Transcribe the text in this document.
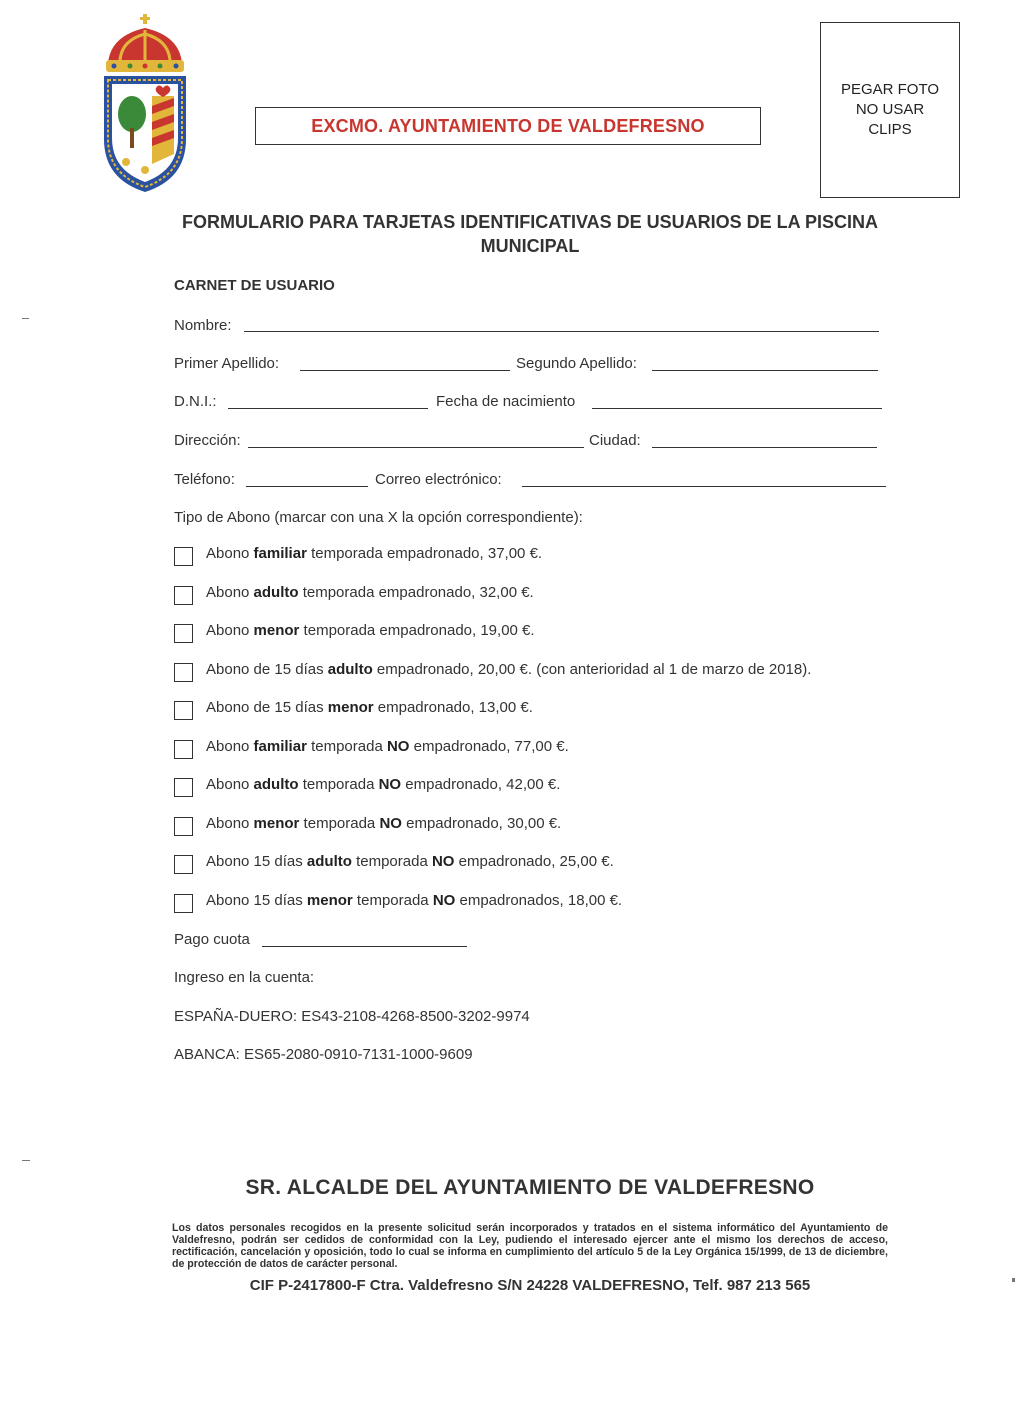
EXCMO. AYUNTAMIENTO DE VALDEFRESNO
PEGAR FOTO
NO USAR
CLIPS
FORMULARIO PARA TARJETAS IDENTIFICATIVAS DE USUARIOS DE LA PISCINA MUNICIPAL
CARNET DE USUARIO
Nombre:
Primer Apellido:	Segundo Apellido:
D.N.I.:	Fecha de nacimiento
Dirección:	Ciudad:
Teléfono:	Correo electrónico:
Tipo de Abono (marcar con una X la opción correspondiente):
Abono familiar temporada empadronado, 37,00 €.
Abono adulto temporada empadronado, 32,00 €.
Abono menor temporada empadronado, 19,00 €.
Abono de 15 días adulto empadronado, 20,00 €. (con anterioridad al 1 de marzo de 2018).
Abono de 15 días menor empadronado, 13,00 €.
Abono familiar temporada NO empadronado, 77,00 €.
Abono adulto temporada NO empadronado, 42,00 €.
Abono menor temporada NO empadronado, 30,00 €.
Abono 15 días adulto temporada NO empadronado, 25,00 €.
Abono 15 días menor temporada NO empadronados, 18,00 €.
Pago cuota
Ingreso en la cuenta:
ESPAÑA-DUERO: ES43-2108-4268-8500-3202-9974
ABANCA: ES65-2080-0910-7131-1000-9609
SR. ALCALDE DEL AYUNTAMIENTO DE VALDEFRESNO
Los datos personales recogidos en la presente solicitud serán incorporados y tratados en el sistema informático del Ayuntamiento de Valdefresno, podrán ser cedidos de conformidad con la Ley, pudiendo el interesado ejercer ante el mismo los derechos de acceso, rectificación, cancelación y oposición, todo lo cual se informa en cumplimiento del artículo 5 de la Ley Orgánica 15/1999, de 13 de diciembre, de protección de datos de carácter personal.
CIF P-2417800-F Ctra. Valdefresno S/N 24228 VALDEFRESNO, Telf. 987 213 565
